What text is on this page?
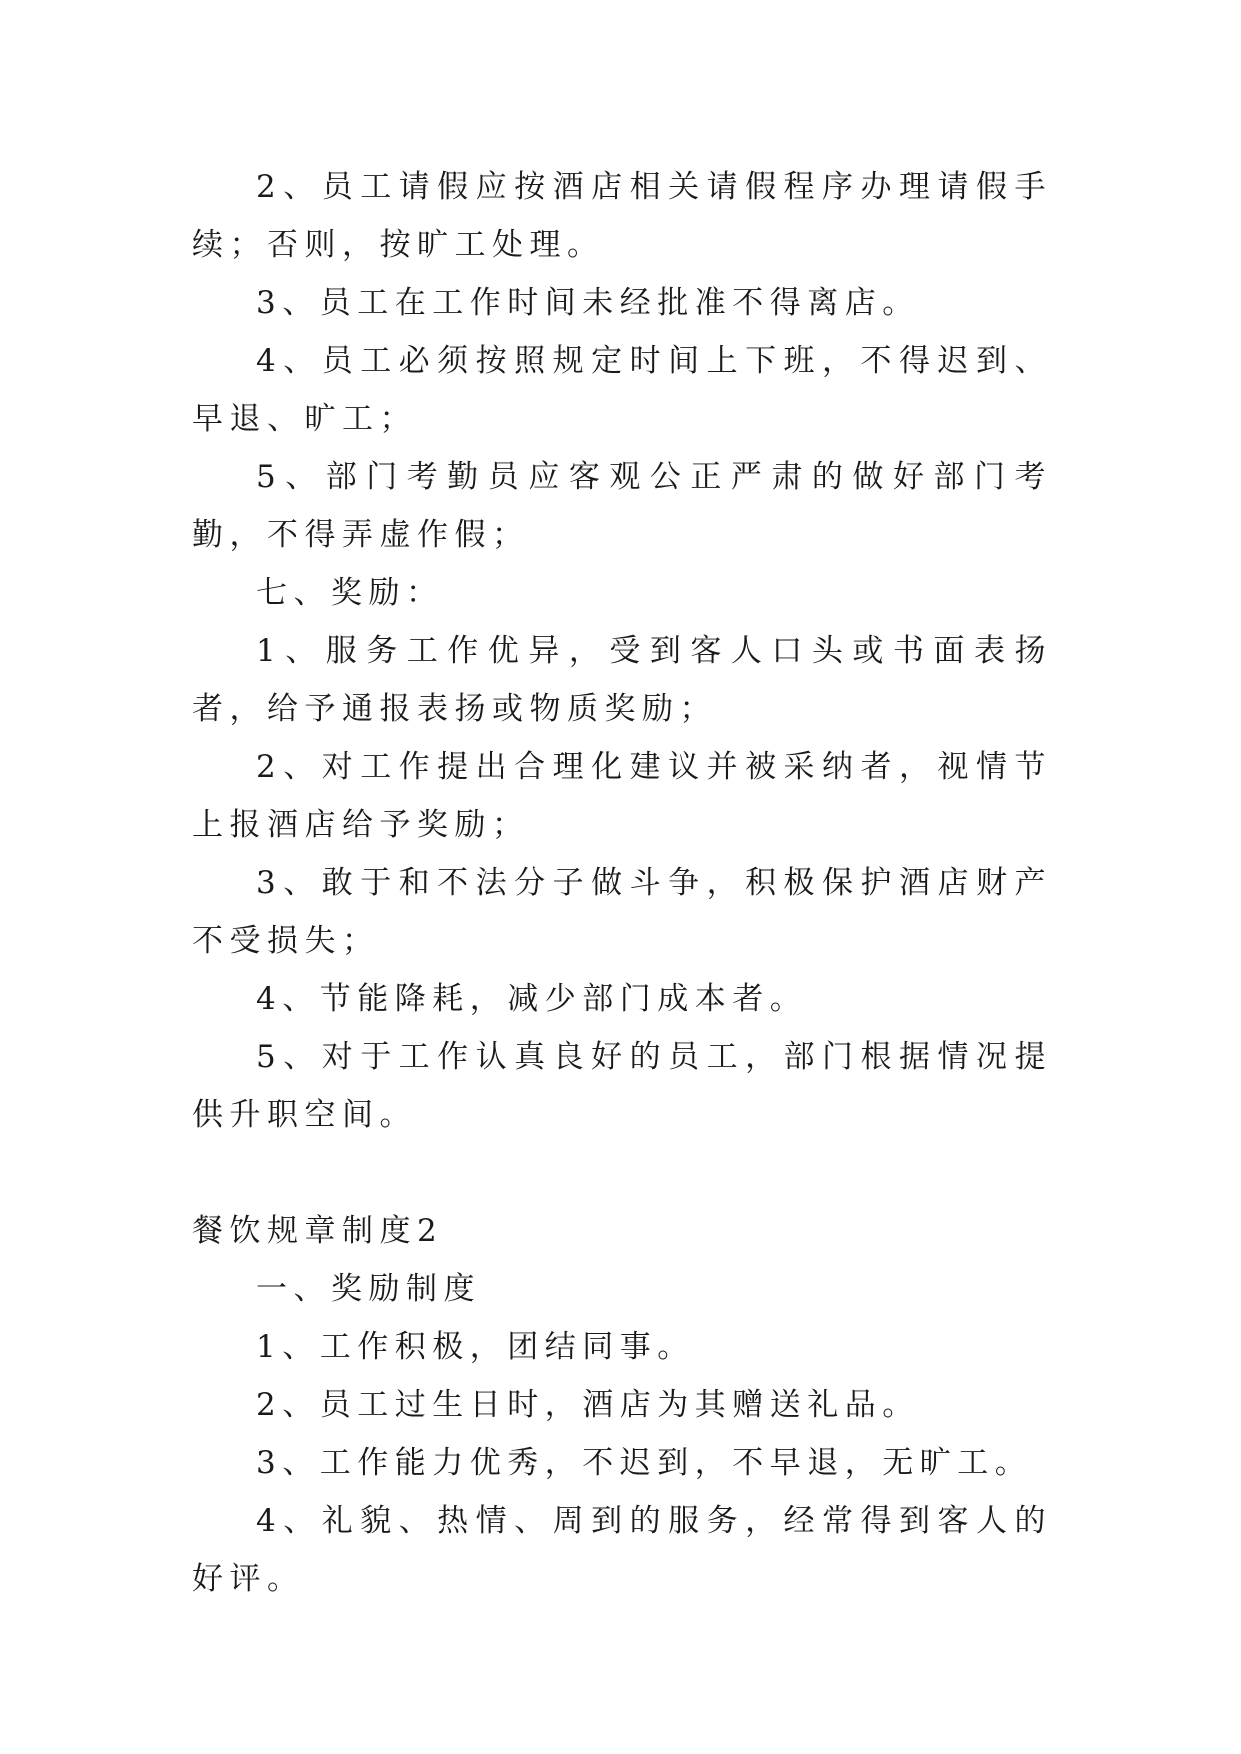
2、员工请假应按酒店相关请假程序办理请假手续；否则，按旷工处理。

3、员工在工作时间未经批准不得离店。

4、员工必须按照规定时间上下班，不得迟到、早退、旷工；

5、部门考勤员应客观公正严肃的做好部门考勤，不得弄虚作假；

七、奖励：

1、服务工作优异，受到客人口头或书面表扬者，给予通报表扬或物质奖励；

2、对工作提出合理化建议并被采纳者，视情节上报酒店给予奖励；

3、敢于和不法分子做斗争，积极保护酒店财产不受损失；

4、节能降耗，减少部门成本者。

5、对于工作认真良好的员工，部门根据情况提供升职空间。

餐饮规章制度2

一、奖励制度

1、工作积极，团结同事。

2、员工过生日时，酒店为其赠送礼品。

3、工作能力优秀，不迟到，不早退，无旷工。

4、礼貌、热情、周到的服务，经常得到客人的好评。
